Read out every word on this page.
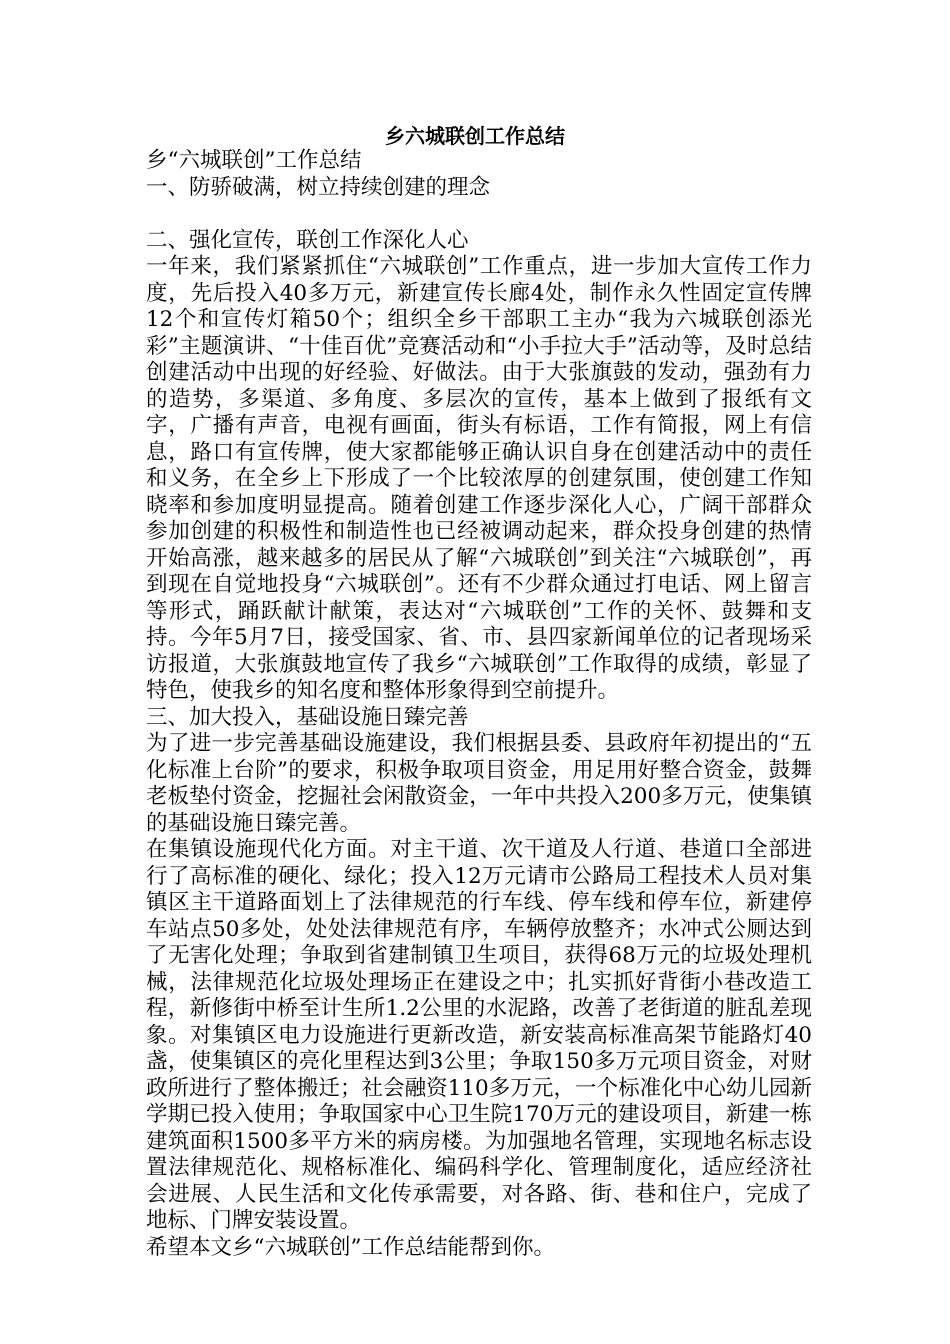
乡六城联创工作总结

乡“六城联创”工作总结

一、防骄破满，树立持续创建的理念

二、强化宣传，联创工作深化人心

一年来，我们紧紧抓住“六城联创”工作重点，进一步加大宣传工作力度，先后投入40多万元，新建宣传长廊4处，制作永久性固定宣传牌12个和宣传灯箱50个；组织全乡干部职工主办“我为六城联创添光彩”主题演讲、“十佳百优”竞赛活动和“小手拉大手”活动等，及时总结创建活动中出现的好经验、好做法。由于大张旗鼓的发动，强劲有力的造势，多渠道、多角度、多层次的宣传，基本上做到了报纸有文字，广播有声音，电视有画面，街头有标语，工作有简报，网上有信息，路口有宣传牌，使大家都能够正确认识自身在创建活动中的责任和义务，在全乡上下形成了一个比较浓厚的创建氛围，使创建工作知晓率和参加度明显提高。随着创建工作逐步深化人心，广阔干部群众参加创建的积极性和制造性也已经被调动起来，群众投身创建的热情开始高涨，越来越多的居民从了解“六城联创”到关注“六城联创”，再到现在自觉地投身“六城联创”。还有不少群众通过打电话、网上留言等形式，踊跃献计献策，表达对“六城联创”工作的关怀、鼓舞和支持。今年5月7日，接受国家、省、市、县四家新闻单位的记者现场采访报道，大张旗鼓地宣传了我乡“六城联创”工作取得的成绩，彰显了特色，使我乡的知名度和整体形象得到空前提升。

三、加大投入，基础设施日臻完善

为了进一步完善基础设施建设，我们根据县委、县政府年初提出的“五化标准上台阶”的要求，积极争取项目资金，用足用好整合资金，鼓舞老板垫付资金，挖掘社会闲散资金，一年中共投入200多万元，使集镇的基础设施日臻完善。

在集镇设施现代化方面。对主干道、次干道及人行道、巷道口全部进行了高标准的硬化、绿化；投入12万元请市公路局工程技术人员对集镇区主干道路面划上了法律规范的行车线、停车线和停车位，新建停车站点50多处，处处法律规范有序，车辆停放整齐；水冲式公厕达到了无害化处理；争取到省建制镇卫生项目，获得68万元的垃圾处理机械，法律规范化垃圾处理场正在建设之中；扎实抓好背街小巷改造工程，新修街中桥至计生所1.2公里的水泥路，改善了老街道的脏乱差现象。对集镇区电力设施进行更新改造，新安装高标准高架节能路灯40盏，使集镇区的亮化里程达到3公里；争取150多万元项目资金，对财政所进行了整体搬迁；社会融资110多万元，一个标准化中心幼儿园新学期已投入使用；争取国家中心卫生院170万元的建设项目，新建一栋建筑面积1500多平方米的病房楼。为加强地名管理，实现地名标志设置法律规范化、规格标准化、编码科学化、管理制度化，适应经济社会进展、人民生活和文化传承需要，对各路、街、巷和住户，完成了地标、门牌安装设置。

希望本文乡“六城联创”工作总结能帮到你。
